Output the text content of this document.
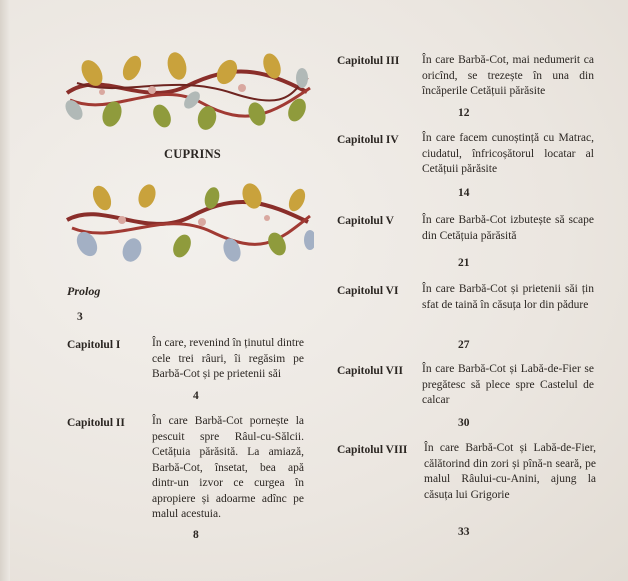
CUPRINS
Prolog
3
Capitolul I	În care, revenind în ținutul dintre cele trei râuri, îi regăsim pe Barbă-Cot și pe prietenii săi
4
Capitolul II În care Barbă-Cot pornește la pescuit spre Râul-cu-Sălcii. Cetățuia părăsită. La amiază, Barbă-Cot, însetat, bea apă dintr-un izvor ce curgea în apropiere și adoarme adînc pe malul acestuia.
8
Capitolul III În care Barbă-Cot, mai nedumerit ca oricînd, se trezește în una din încăperile Cetățuii părăsite
12
Capitolul IV În care facem cunoștință cu Matrac, ciudatul, înfricoșătorul locatar al Cetățuii părăsite
14
Capitolul V În care Barbă-Cot izbutește să scape din Cetățuia părăsită
21
Capitolul VI În care Barbă-Cot și prietenii săi țin sfat de taină în căsuța lor din pădure
27
Capitolul VII În care Barbă-Cot și Labă-de-Fier se pregătesc să plece spre Castelul de calcar
30
Capitolul VIII În care Barbă-Cot și Labă-de-Fier, călătorind din zori și pînă-n seară, pe malul Râului-cu-Anini, ajung la căsuța lui Grigorie
33
